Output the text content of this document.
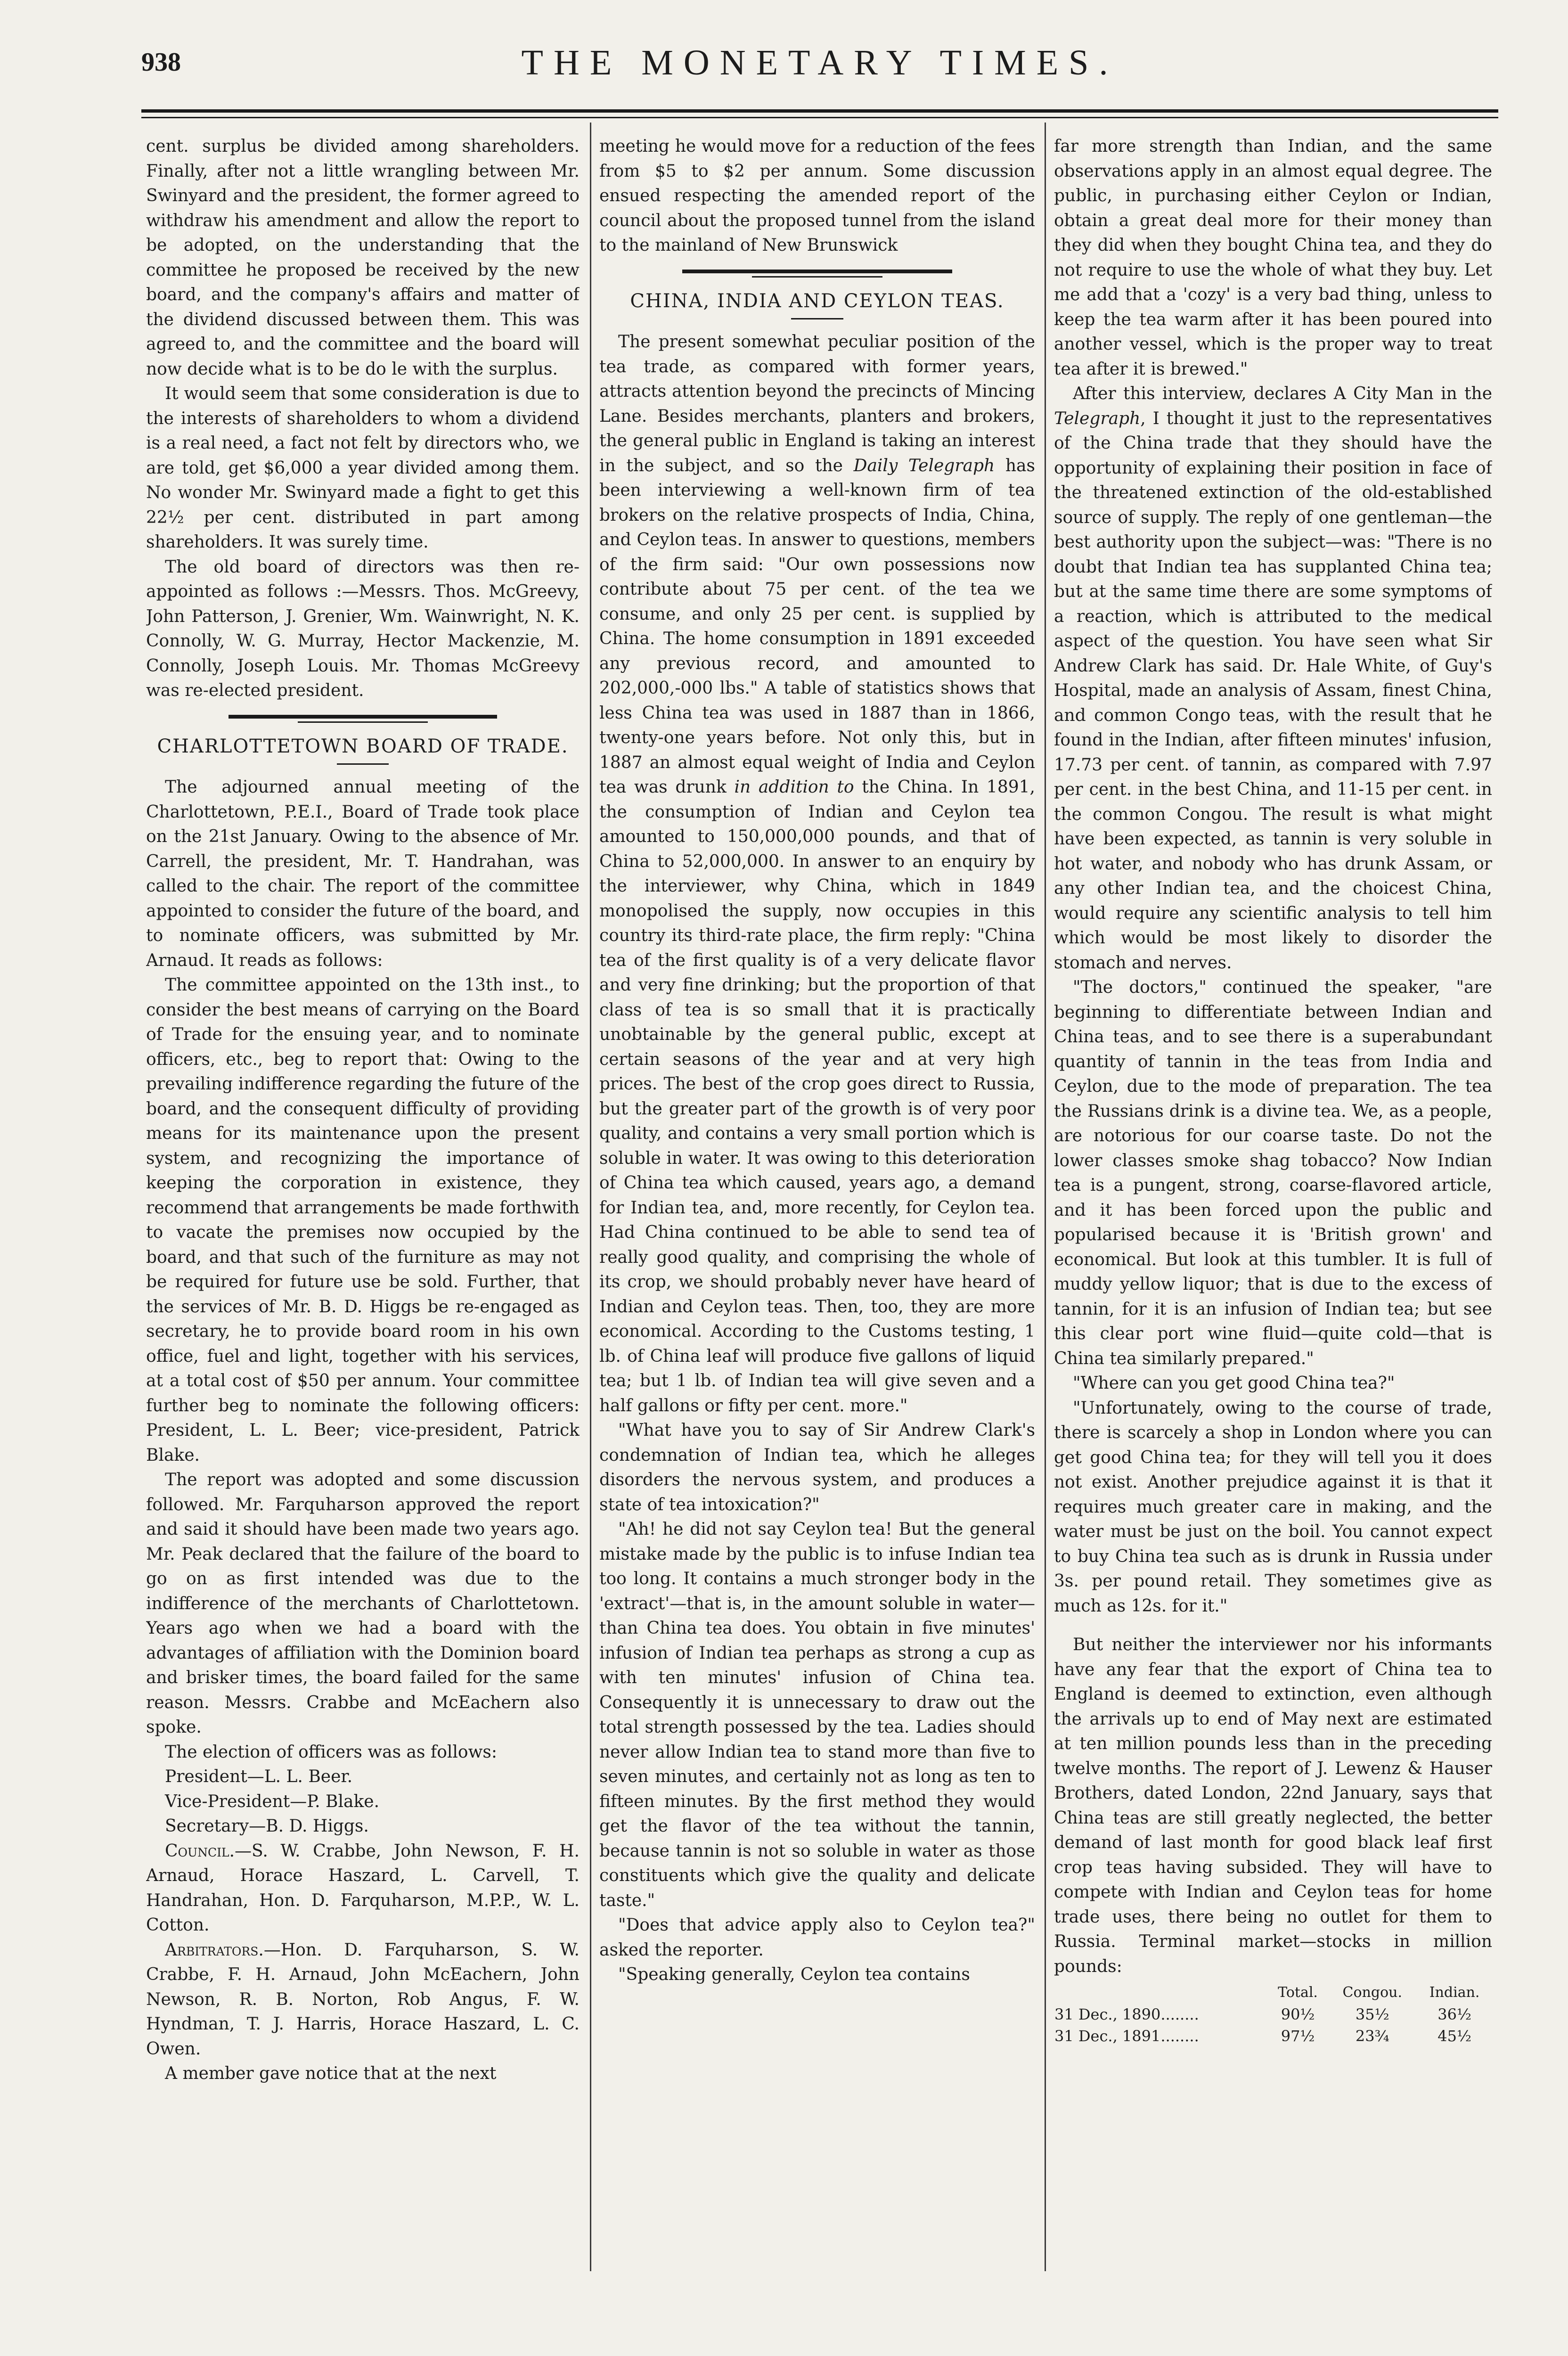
938	THE MONETARY TIMES.

cent. surplus be divided among shareholders. Finally, after not a little wrangling between Mr. Swinyard and the president, the former agreed to withdraw his amendment and allow the report to be adopted, on the understanding that the committee he proposed be received by the new board, and the company's affairs and matter of the dividend discussed between them. This was agreed to, and the committee and the board will now decide what is to be do le with the surplus.

It would seem that some consideration is due to the interests of shareholders to whom a dividend is a real need, a fact not felt by directors who, we are told, get $6,000 a year divided among them. No wonder Mr. Swinyard made a fight to get this 22½ per cent. distributed in part among shareholders. It was surely time.

The old board of directors was then re-appointed as follows :—Messrs. Thos. McGreevy, John Patterson, J. Grenier, Wm. Wainwright, N. K. Connolly, W. G. Murray, Hector Mackenzie, M. Connolly, Joseph Louis. Mr. Thomas McGreevy was re-elected president.

CHARLOTTETOWN BOARD OF TRADE.

The adjourned annual meeting of the Charlottetown, P.E.I., Board of Trade took place on the 21st January. Owing to the absence of Mr. Carrell, the president, Mr. T. Handrahan, was called to the chair. The report of the committee appointed to consider the future of the board, and to nominate officers, was submitted by Mr. Arnaud. It reads as follows:

The committee appointed on the 13th inst., to consider the best means of carrying on the Board of Trade for the ensuing year, and to nominate officers, etc., beg to report that: Owing to the prevailing indifference regarding the future of the board, and the consequent difficulty of providing means for its maintenance upon the present system, and recognizing the importance of keeping the corporation in existence, they recommend that arrangements be made forthwith to vacate the premises now occupied by the board, and that such of the furniture as may not be required for future use be sold. Further, that the services of Mr. B. D. Higgs be re-engaged as secretary, he to provide board room in his own office, fuel and light, together with his services, at a total cost of $50 per annum. Your committee further beg to nominate the following officers: President, L. L. Beer; vice-president, Patrick Blake.

The report was adopted and some discussion followed. Mr. Farquharson approved the report and said it should have been made two years ago. Mr. Peak declared that the failure of the board to go on as first intended was due to the indifference of the merchants of Charlottetown. Years ago when we had a board with the advantages of affiliation with the Dominion board and brisker times, the board failed for the same reason. Messrs. Crabbe and McEachern also spoke.

The election of officers was as follows:

President—L. L. Beer.

Vice-President—P. Blake.

Secretary—B. D. Higgs.

Council.—S. W. Crabbe, John Newson, F. H. Arnaud, Horace Haszard, L. Carvell, T. Handrahan, Hon. D. Farquharson, M.P.P., W. L. Cotton.

Arbitrators.—Hon. D. Farquharson, S. W. Crabbe, F. H. Arnaud, John McEachern, John Newson, R. B. Norton, Rob Angus, F. W. Hyndman, T. J. Harris, Horace Haszard, L. C. Owen.

A member gave notice that at the next

meeting he would move for a reduction of the fees from $5 to $2 per annum. Some discussion ensued respecting the amended report of the council about the proposed tunnel from the island to the mainland of New Brunswick

CHINA, INDIA AND CEYLON TEAS.

The present somewhat peculiar position of the tea trade, as compared with former years, attracts attention beyond the precincts of Mincing Lane. Besides merchants, planters and brokers, the general public in England is taking an interest in the subject, and so the Daily Telegraph has been interviewing a well-known firm of tea brokers on the relative prospects of India, China, and Ceylon teas. In answer to questions, members of the firm said: "Our own possessions now contribute about 75 per cent. of the tea we consume, and only 25 per cent. is supplied by China. The home consumption in 1891 exceeded any previous record, and amounted to 202,000,-000 lbs." A table of statistics shows that less China tea was used in 1887 than in 1866, twenty-one years before. Not only this, but in 1887 an almost equal weight of India and Ceylon tea was drunk in addition to the China. In 1891, the consumption of Indian and Ceylon tea amounted to 150,000,000 pounds, and that of China to 52,000,000. In answer to an enquiry by the interviewer, why China, which in 1849 monopolised the supply, now occupies in this country its third-rate place, the firm reply: "China tea of the first quality is of a very delicate flavor and very fine drinking; but the proportion of that class of tea is so small that it is practically unobtainable by the general public, except at certain seasons of the year and at very high prices. The best of the crop goes direct to Russia, but the greater part of the growth is of very poor quality, and contains a very small portion which is soluble in water. It was owing to this deterioration of China tea which caused, years ago, a demand for Indian tea, and, more recently, for Ceylon tea. Had China continued to be able to send tea of really good quality, and comprising the whole of its crop, we should probably never have heard of Indian and Ceylon teas. Then, too, they are more economical. According to the Customs testing, 1 lb. of China leaf will produce five gallons of liquid tea; but 1 lb. of Indian tea will give seven and a half gallons or fifty per cent. more."

"What have you to say of Sir Andrew Clark's condemnation of Indian tea, which he alleges disorders the nervous system, and produces a state of tea intoxication?"

"Ah! he did not say Ceylon tea! But the general mistake made by the public is to infuse Indian tea too long. It contains a much stronger body in the 'extract'—that is, in the amount soluble in water—than China tea does. You obtain in five minutes' infusion of Indian tea perhaps as strong a cup as with ten minutes' infusion of China tea. Consequently it is unnecessary to draw out the total strength possessed by the tea. Ladies should never allow Indian tea to stand more than five to seven minutes, and certainly not as long as ten to fifteen minutes. By the first method they would get the flavor of the tea without the tannin, because tannin is not so soluble in water as those constituents which give the quality and delicate taste."

"Does that advice apply also to Ceylon tea?" asked the reporter.

"Speaking generally, Ceylon tea contains

far more strength than Indian, and the same observations apply in an almost equal degree. The public, in purchasing either Ceylon or Indian, obtain a great deal more for their money than they did when they bought China tea, and they do not require to use the whole of what they buy. Let me add that a 'cozy' is a very bad thing, unless to keep the tea warm after it has been poured into another vessel, which is the proper way to treat tea after it is brewed."

After this interview, declares A City Man in the Telegraph, I thought it just to the representatives of the China trade that they should have the opportunity of explaining their position in face of the threatened extinction of the old-established source of supply. The reply of one gentleman—the best authority upon the subject—was: "There is no doubt that Indian tea has supplanted China tea; but at the same time there are some symptoms of a reaction, which is attributed to the medical aspect of the question. You have seen what Sir Andrew Clark has said. Dr. Hale White, of Guy's Hospital, made an analysis of Assam, finest China, and common Congo teas, with the result that he found in the Indian, after fifteen minutes' infusion, 17.73 per cent. of tannin, as compared with 7.97 per cent. in the best China, and 11-15 per cent. in the common Congou. The result is what might have been expected, as tannin is very soluble in hot water, and nobody who has drunk Assam, or any other Indian tea, and the choicest China, would require any scientific analysis to tell him which would be most likely to disorder the stomach and nerves.

"The doctors," continued the speaker, "are beginning to differentiate between Indian and China teas, and to see there is a superabundant quantity of tannin in the teas from India and Ceylon, due to the mode of preparation. The tea the Russians drink is a divine tea. We, as a people, are notorious for our coarse taste. Do not the lower classes smoke shag tobacco? Now Indian tea is a pungent, strong, coarse-flavored article, and it has been forced upon the public and popularised because it is 'British grown' and economical. But look at this tumbler. It is full of muddy yellow liquor; that is due to the excess of tannin, for it is an infusion of Indian tea; but see this clear port wine fluid—quite cold—that is China tea similarly prepared."

"Where can you get good China tea?"

"Unfortunately, owing to the course of trade, there is scarcely a shop in London where you can get good China tea; for they will tell you it does not exist. Another prejudice against it is that it requires much greater care in making, and the water must be just on the boil. You cannot expect to buy China tea such as is drunk in Russia under 3s. per pound retail. They sometimes give as much as 12s. for it."

But neither the interviewer nor his informants have any fear that the export of China tea to England is deemed to extinction, even although the arrivals up to end of May next are estimated at ten million pounds less than in the preceding twelve months. The report of J. Lewenz & Hauser Brothers, dated London, 22nd January, says that China teas are still greatly neglected, the better demand of last month for good black leaf first crop teas having subsided. They will have to compete with Indian and Ceylon teas for home trade uses, there being no outlet for them to Russia. Terminal market—stocks in million pounds:

	Total.	Congou.	Indian.
31 Dec., 1890........	90½	35½	36½
31 Dec., 1891........	97½	23¾	45½
